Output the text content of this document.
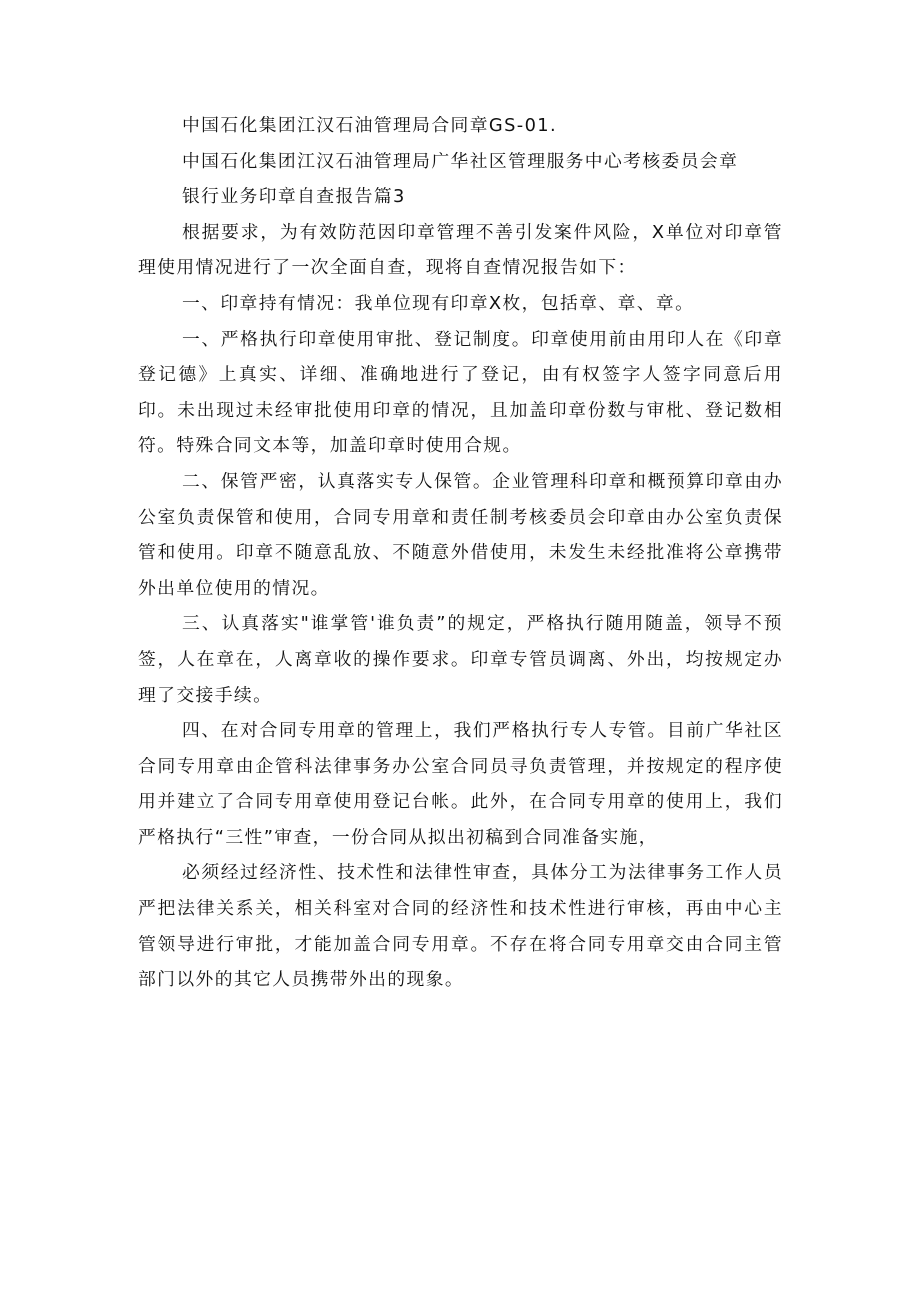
中国石化集团江汉石油管理局合同章GS-01.

中国石化集团江汉石油管理局广华社区管理服务中心考核委员会章

银行业务印章自查报告篇3

根据要求，为有效防范因印章管理不善引发案件风险，X单位对印章管理使用情况进行了一次全面自查，现将自查情况报告如下：

一、印章持有情况：我单位现有印章X枚，包括章、章、章。

一、严格执行印章使用审批、登记制度。印章使用前由用印人在《印章登记德》上真实、详细、准确地进行了登记，由有权签字人签字同意后用印。未出现过未经审批使用印章的情况，且加盖印章份数与审枇、登记数相符。特殊合同文本等，加盖印章时使用合规。

二、保管严密，认真落实专人保管。企业管理科印章和概预算印章由办公室负责保管和使用，合同专用章和责任制考核委员会印章由办公室负责保管和使用。印章不随意乱放、不随意外借使用，未发生未经批准将公章携带外出单位使用的情况。

三、认真落实"谁掌管'谁负责”的规定，严格执行随用随盖，领导不预签，人在章在，人离章收的操作要求。印章专管员调离、外出，均按规定办理了交接手续。

四、在对合同专用章的管理上，我们严格执行专人专管。目前广华社区合同专用章由企管科法律事务办公室合同员寻负责管理，并按规定的程序使用并建立了合同专用章使用登记台帐。此外，在合同专用章的使用上，我们严格执行“三性”审查，一份合同从拟出初稿到合同准备实施，

必须经过经济性、技术性和法律性审查，具体分工为法律事务工作人员严把法律关系关，相关科室对合同的经济性和技术性进行审核，再由中心主管领导进行审批，才能加盖合同专用章。不存在将合同专用章交由合同主管部门以外的其它人员携带外出的现象。
